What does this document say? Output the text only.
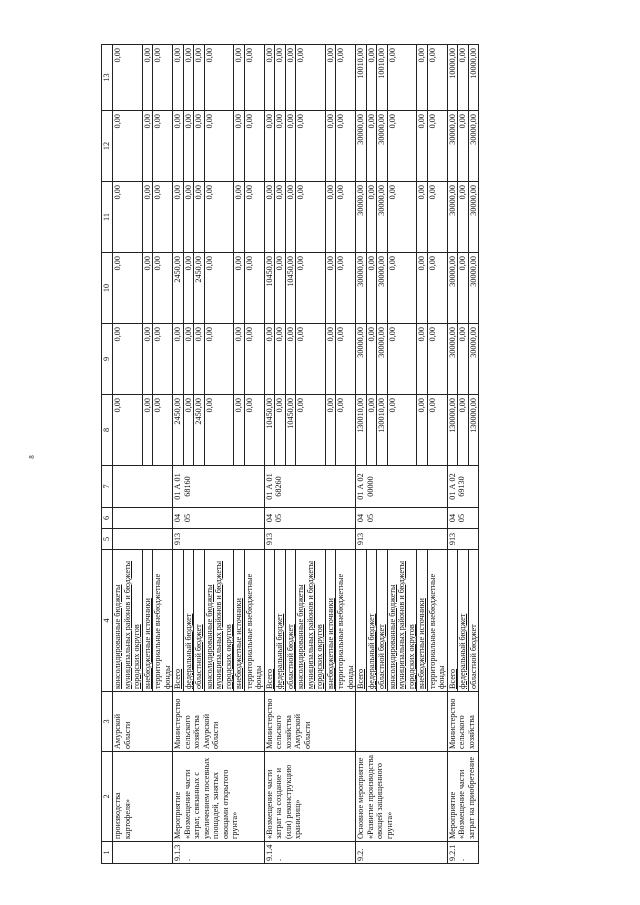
8
1	2	3	4	5	6	7	8	9	10	11	12	13
	производства картофеля»	Амурской области	консолидированные бюджеты муниципальных районов и бюджеты городских округов				0,00	0,00	0,00	0,00	0,00	0,00
			внебюджетные источники				0,00	0,00	0,00	0,00	0,00	0,00
			территориальные внебюджетные фонды				0,00	0,00	0,00	0,00	0,00	0,00
9.1.3.	Мероприятие «Возмещение части затрат, связанных с увеличением посевных площадей, занятых овощами открытого грунта»	Министерство сельского хозяйства Амурской области	Всего	913	04 05	01 А 01 68160	2450,00	0,00	2450,00	0,00	0,00	0,00
			федеральный бюджет				0,00	0,00	0,00	0,00	0,00	0,00
			областной бюджет				2450,00	0,00	2450,00	0,00	0,00	0,00
			консолидированные бюджеты муниципальных районов и бюджеты городских округов				0,00	0,00	0,00	0,00	0,00	0,00
			внебюджетные источники				0,00	0,00	0,00	0,00	0,00	0,00
			территориальные внебюджетные фонды				0,00	0,00	0,00	0,00	0,00	0,00
9.1.4.	«Возмещение части затрат на создание и (или) реконструкцию хранилищ»	Министерство сельского хозяйства Амурской области	Всего	913	04 05	01 А 01 68260	10450,00	0,00	10450,00	0,00	0,00	0,00
			федеральный бюджет				0,00	0,00	0,00	0,00	0,00	0,00
			областной бюджет				10450,00	0,00	10450,00	0,00	0,00	0,00
			консолидированные бюджеты муниципальных районов и бюджеты городских округов				0,00	0,00	0,00	0,00	0,00	0,00
			внебюджетные источники				0,00	0,00	0,00	0,00	0,00	0,00
			территориальные внебюджетные фонды				0,00	0,00	0,00	0,00	0,00	0,00
9.2.	Основное мероприятие «Развитие производства овощей защищенного грунта»		Всего	913	04 05	01 А 02 00000	130010,00	30000,00	30000,00	30000,00	30000,00	10010,00
			федеральный бюджет				0,00	0,00	0,00	0,00	0,00	0,00
			областной бюджет				130010,00	30000,00	30000,00	30000,00	30000,00	10010,00
			консолидированные бюджеты муниципальных районов и бюджеты городских округов				0,00	0,00	0,00	0,00	0,00	0,00
			внебюджетные источники				0,00	0,00	0,00	0,00	0,00	0,00
			территориальные внебюджетные фонды				0,00	0,00	0,00	0,00	0,00	0,00
9.2.1.	Мероприятие «Возмещение части затрат на приобретение	Министерство сельского хозяйства	Всего	913	04 05	01 А 02 69130	130000,00	30000,00	30000,00	30000,00	30000,00	10000,00
			федеральный бюджет				0,00	0,00	0,00	0,00	0,00	0,00
			областной бюджет				130000,00	30000,00	30000,00	30000,00	30000,00	10000,00
